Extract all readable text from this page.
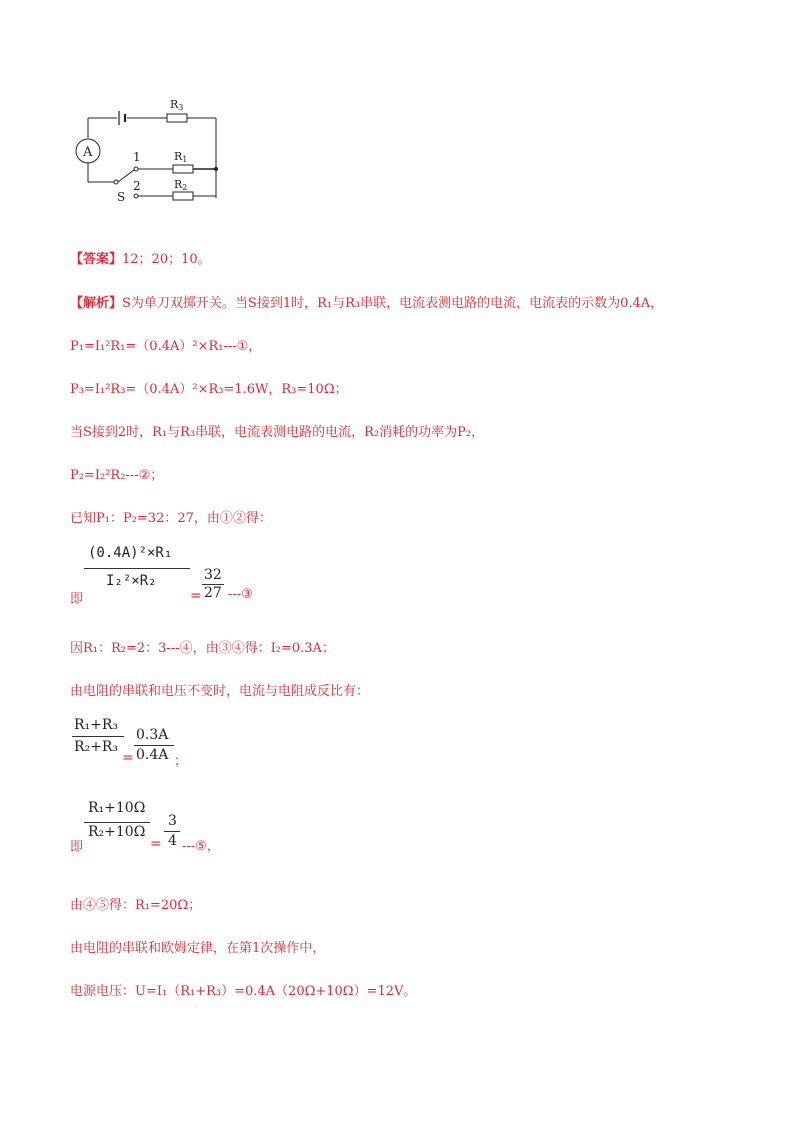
A
R3
R1
R2
1
2
S
【答案】12；20；10。
【解析】S为单刀双掷开关。当S接到1时，R₁与R₃串联，电流表测电路的电流，电流表的示数为0.4A，
P₁=I₁²R₁=（0.4A）²×R₁---①，
P₃=I₁²R₃=（0.4A）²×R₃=1.6W，R₃=10Ω；
当S接到2时，R₁与R₃串联，电流表测电路的电流，R₂消耗的功率为P₂，
P₂=I₂²R₂---②；
已知P₁：P₂=32：27，由①②得：
(0.4A)²×R₁
I₂²×R₂
即	=
32
27 ---③
因R₁：R₂=2：3---④，由③④得：I₂=0.3A；
由电阻的串联和电压不变时，电流与电阻成反比有：
R₁+R₃
R₂+R₃
=
0.3A
0.4A ；
R₁+10Ω
R₂+10Ω
即	=
3
4 ---⑤，
由④⑤得：R₁=20Ω；
由电阻的串联和欧姆定律，在第1次操作中，
电源电压：U=I₁（R₁+R₃）=0.4A（20Ω+10Ω）=12V。
